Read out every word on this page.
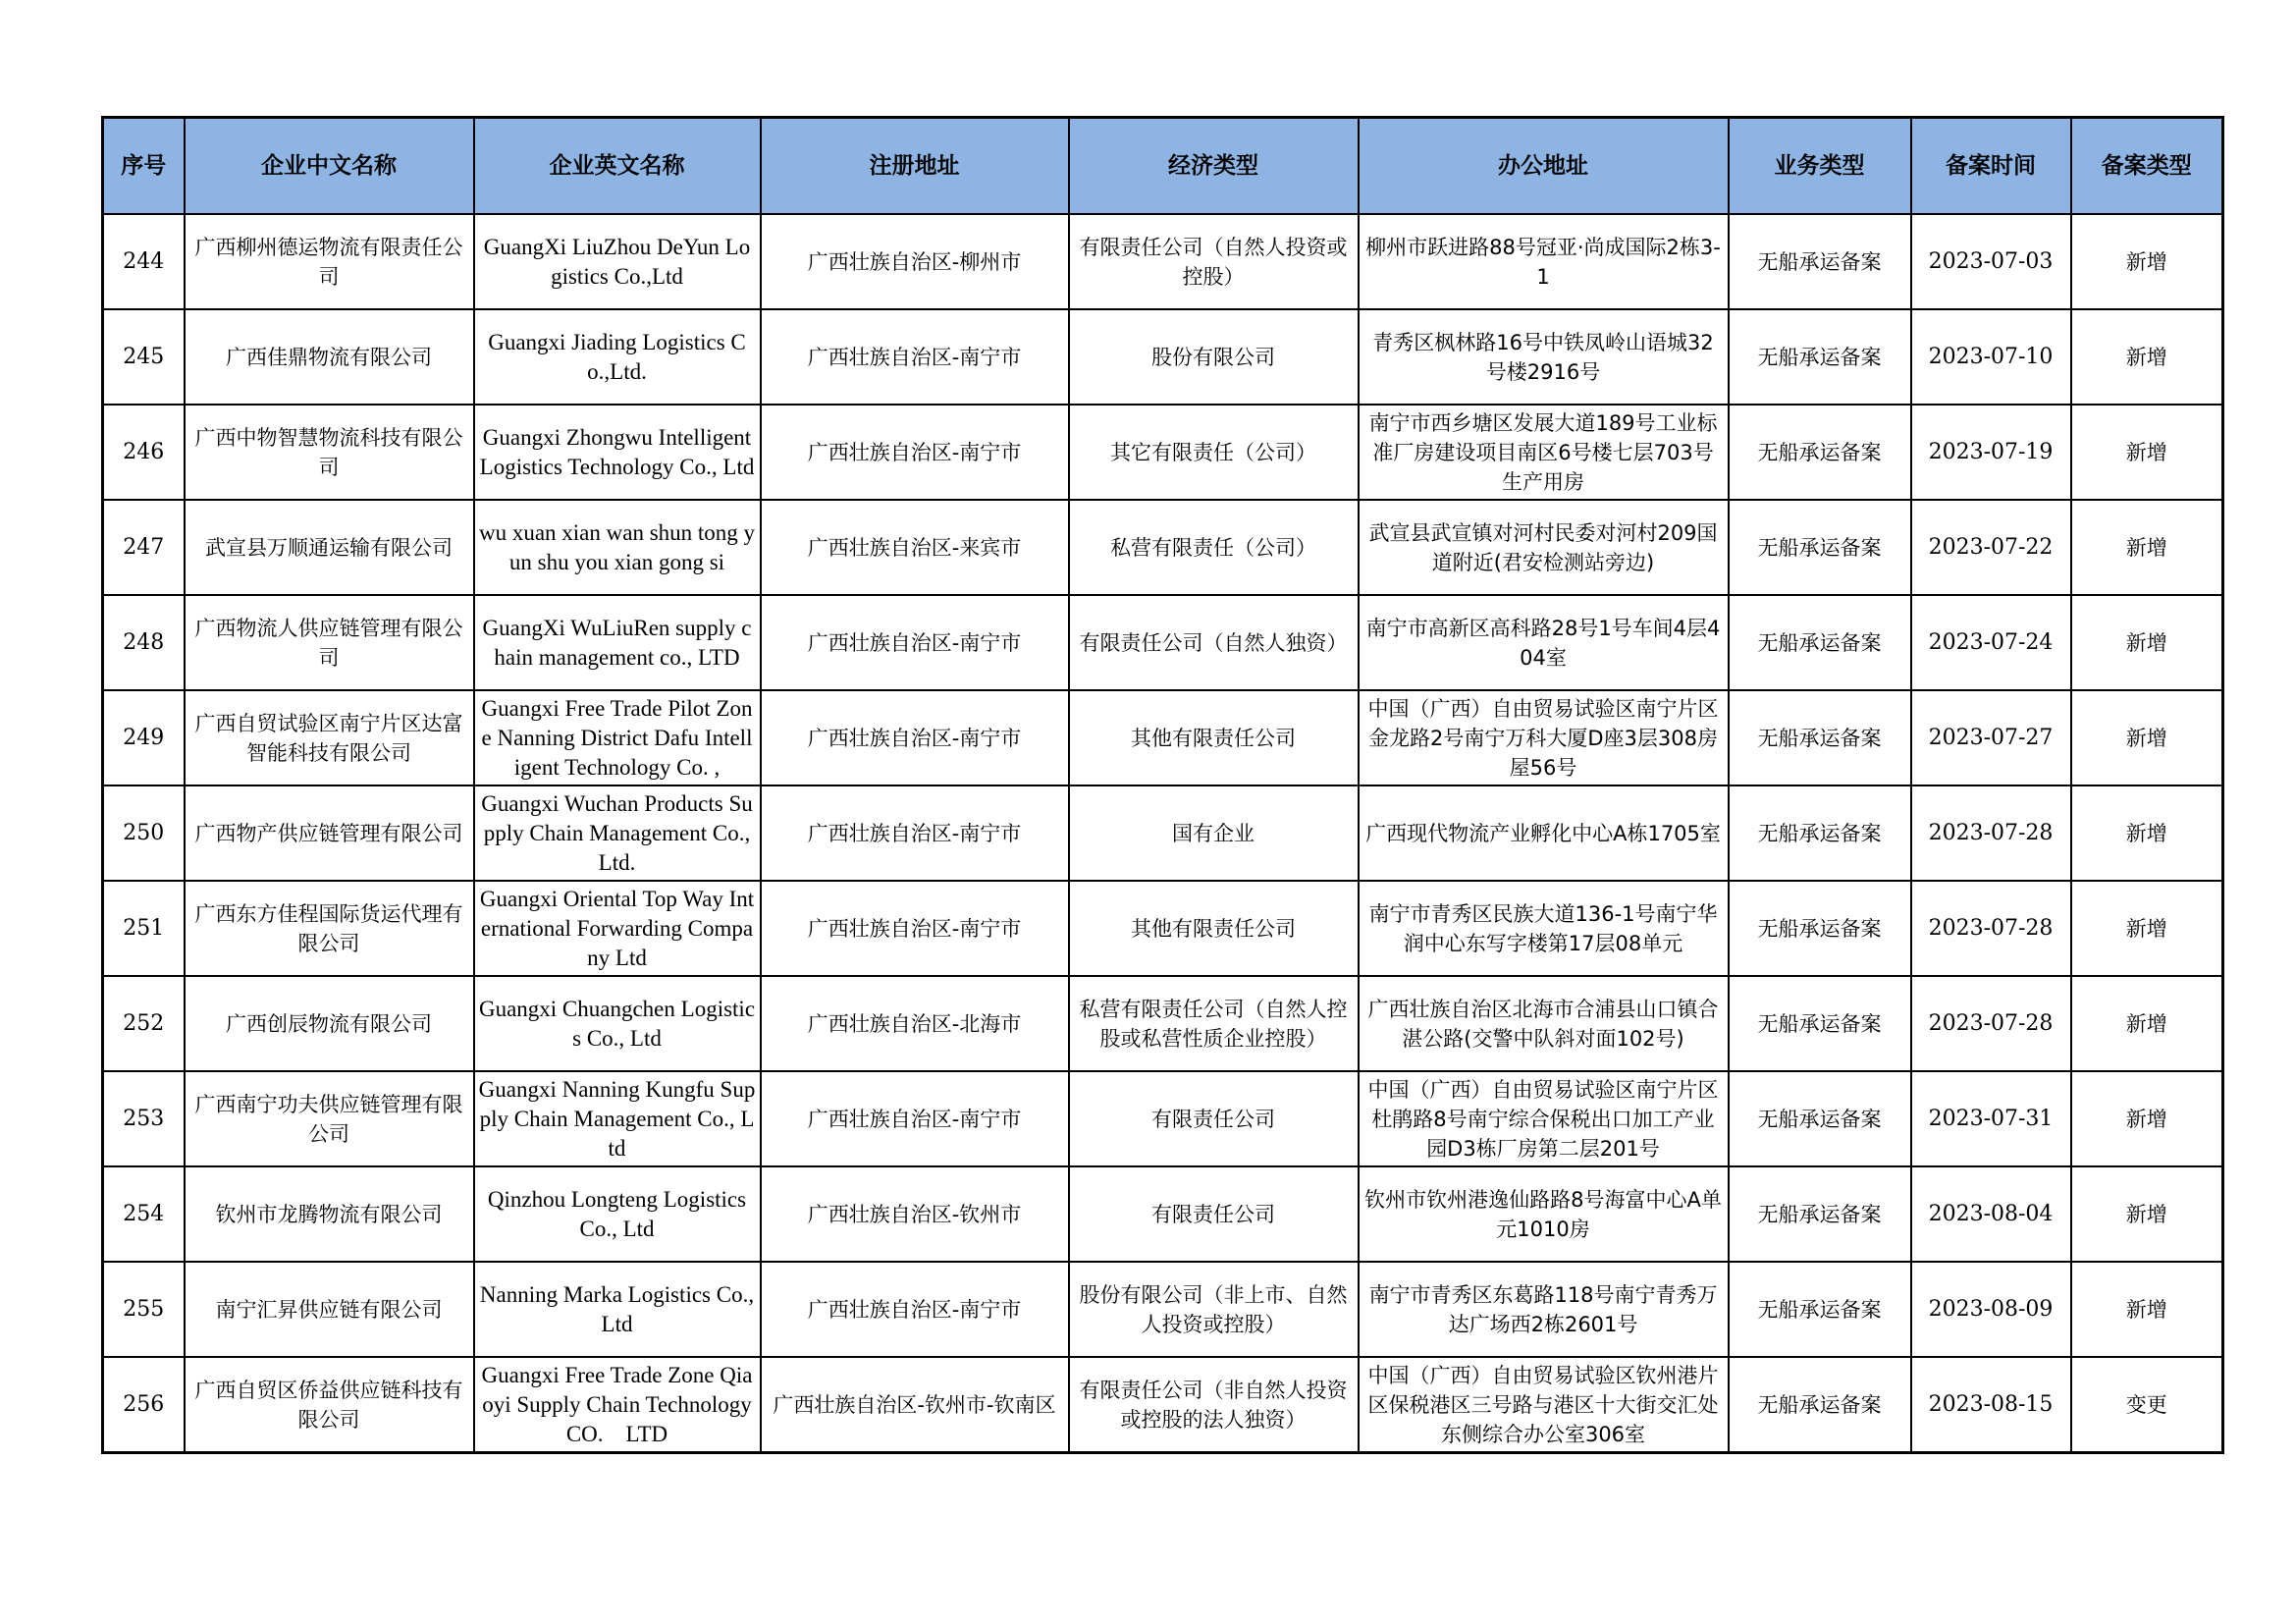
序号	企业中文名称	企业英文名称	注册地址	经济类型	办公地址	业务类型	备案时间	备案类型
244	广西柳州德运物流有限责任公司	GuangXi LiuZhou DeYun Logistics Co.,Ltd	广西壮族自治区-柳州市	有限责任公司（自然人投资或控股）	柳州市跃进路88号冠亚·尚成国际2栋3-1	无船承运备案	2023-07-03	新增
245	广西佳鼎物流有限公司	Guangxi Jiading Logistics Co.,Ltd.	广西壮族自治区-南宁市	股份有限公司	青秀区枫林路16号中铁凤岭山语城32号楼2916号	无船承运备案	2023-07-10	新增
246	广西中物智慧物流科技有限公司	Guangxi Zhongwu Intelligent Logistics Technology Co., Ltd	广西壮族自治区-南宁市	其它有限责任（公司）	南宁市西乡塘区发展大道189号工业标准厂房建设项目南区6号楼七层703号生产用房	无船承运备案	2023-07-19	新增
247	武宣县万顺通运输有限公司	wu xuan xian wan shun tong yun shu you xian gong si	广西壮族自治区-来宾市	私营有限责任（公司）	武宣县武宣镇对河村民委对河村209国道附近(君安检测站旁边)	无船承运备案	2023-07-22	新增
248	广西物流人供应链管理有限公司	GuangXi WuLiuRen supply chain management co., LTD	广西壮族自治区-南宁市	有限责任公司（自然人独资）	南宁市高新区高科路28号1号车间4层404室	无船承运备案	2023-07-24	新增
249	广西自贸试验区南宁片区达富智能科技有限公司	Guangxi Free Trade Pilot Zone Nanning District Dafu Intelligent Technology Co. ,	广西壮族自治区-南宁市	其他有限责任公司	中国（广西）自由贸易试验区南宁片区金龙路2号南宁万科大厦D座3层308房屋56号	无船承运备案	2023-07-27	新增
250	广西物产供应链管理有限公司	Guangxi Wuchan Products Supply Chain Management Co.,Ltd.	广西壮族自治区-南宁市	国有企业	广西现代物流产业孵化中心A栋1705室	无船承运备案	2023-07-28	新增
251	广西东方佳程国际货运代理有限公司	Guangxi Oriental Top Way International Forwarding Company Ltd	广西壮族自治区-南宁市	其他有限责任公司	南宁市青秀区民族大道136-1号南宁华润中心东写字楼第17层08单元	无船承运备案	2023-07-28	新增
252	广西创辰物流有限公司	Guangxi Chuangchen Logistics Co., Ltd	广西壮族自治区-北海市	私营有限责任公司（自然人控股或私营性质企业控股）	广西壮族自治区北海市合浦县山口镇合湛公路(交警中队斜对面102号)	无船承运备案	2023-07-28	新增
253	广西南宁功夫供应链管理有限公司	Guangxi Nanning Kungfu Supply Chain Management Co., Ltd	广西壮族自治区-南宁市	有限责任公司	中国（广西）自由贸易试验区南宁片区杜鹃路8号南宁综合保税出口加工产业园D3栋厂房第二层201号	无船承运备案	2023-07-31	新增
254	钦州市龙腾物流有限公司	Qinzhou Longteng Logistics Co., Ltd	广西壮族自治区-钦州市	有限责任公司	钦州市钦州港逸仙路路8号海富中心A单元1010房	无船承运备案	2023-08-04	新增
255	南宁汇昇供应链有限公司	Nanning Marka Logistics Co.,Ltd	广西壮族自治区-南宁市	股份有限公司（非上市、自然人投资或控股）	南宁市青秀区东葛路118号南宁青秀万达广场西2栋2601号	无船承运备案	2023-08-09	新增
256	广西自贸区侨益供应链科技有限公司	Guangxi Free Trade Zone Qiaoyi Supply Chain Technology CO.　LTD	广西壮族自治区-钦州市-钦南区	有限责任公司（非自然人投资或控股的法人独资）	中国（广西）自由贸易试验区钦州港片区保税港区三号路与港区十大街交汇处东侧综合办公室306室	无船承运备案	2023-08-15	变更
